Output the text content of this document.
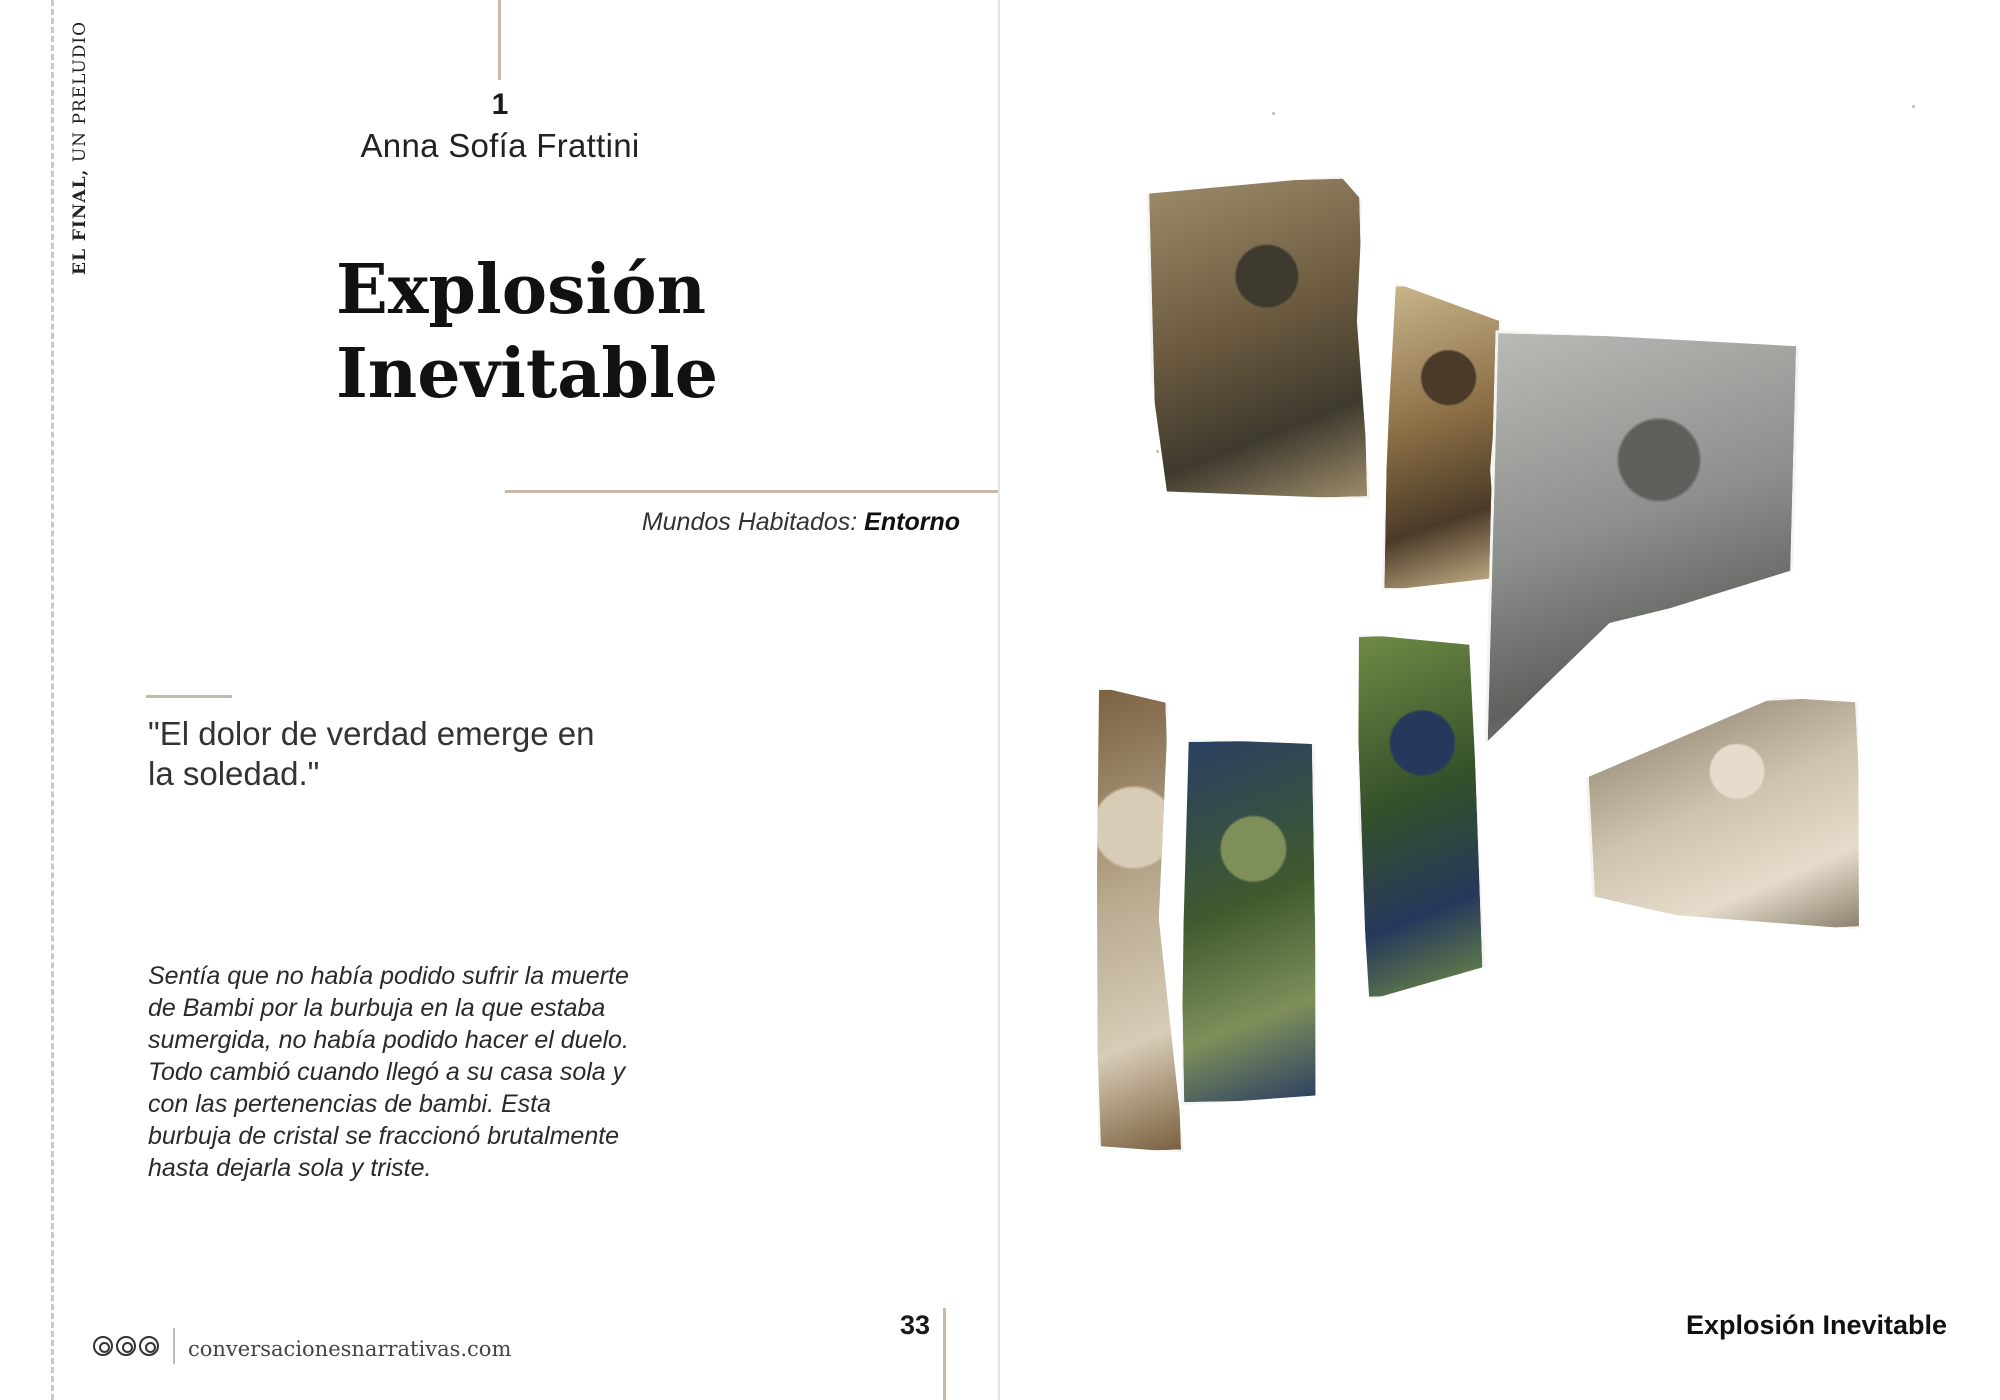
EL FINAL, UN PRELUDIO	1
Anna Sofía Frattini
Explosión
Inevitable
Mundos Habitados: Entorno
"El dolor de verdad emerge en
la soledad."
Sentía que no había podido sufrir la muerte
de Bambi por la burbuja en la que estaba
sumergida, no había podido hacer el duelo.
Todo cambió cuando llegó a su casa sola y
con las pertenencias de bambi. Esta
burbuja de cristal se fraccionó brutalmente
hasta dejarla sola y triste.
conversacionesnarrativas.com
33	Explosión Inevitable
